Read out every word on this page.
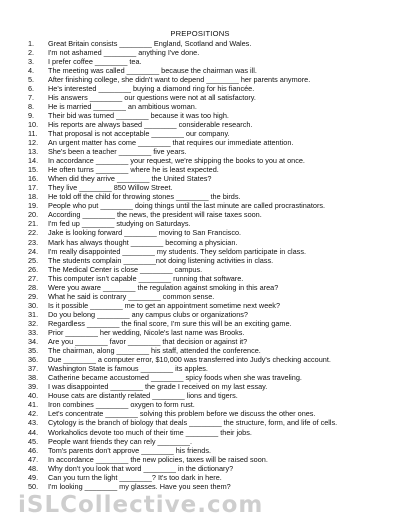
PREPOSITIONS
1. Great Britain consists ________ England, Scotland and Wales.
2. I'm not ashamed ________ anything I've done.
3. I prefer coffee ________ tea.
4. The meeting was called ________ because the chairman was ill.
5. After finishing college, she didn't want to depend ________ her parents anymore.
6. He's interested ________ buying a diamond ring for his fiancée.
7. His answers ________ our questions were not at all satisfactory.
8. He is married ________ an ambitious woman.
9. Their bid was turned ________ because it was too high.
10. His reports are always based ________ considerable research.
11. That proposal is not acceptable ________ our company.
12. An urgent matter has come ________ that requires our immediate attention.
13. She's been a teacher ________ five years.
14. In accordance ________ your request, we're shipping the books to you at once.
15. He often turns ________ where he is least expected.
16. When did they arrive ________ the United States?
17. They live ________ 850 Willow Street.
18. He told off the child for throwing stones ________ the birds.
19. People who put ________ doing things until the last minute are called procrastinators.
20. According ________ the news, the president will raise taxes soon.
21. I'm fed up ________ studying on Saturdays.
22. Jake is looking forward ________ moving to San Francisco.
23. Mark has always thought ________ becoming a physician.
24. I'm really disappointed ________ my students. They seldom participate in class.
25. The students complain ________not doing listening activities in class.
26. The Medical Center is close ________ campus.
27. This computer isn't capable ________ running that software.
28. Were you aware ________ the regulation against smoking in this area?
29. What he said is contrary ________ common sense.
30. Is it possible ________ me to get an appointment sometime next week?
31. Do you belong ________ any campus clubs or organizations?
32. Regardless ________ the final score, I'm sure this will be an exciting game.
33. Prior ________ her wedding, Nicole's last name was Brooks.
34. Are you ________ favor ________ that decision or against it?
35. The chairman, along ________ his staff, attended the conference.
36. Due ________ a computer error, $10,000 was transferred into Judy's checking account.
37. Washington State is famous ________ its apples.
38. Catherine became accustomed ________ spicy foods when she was traveling.
39. I was disappointed ________ the grade I received on my last essay.
40. House cats are distantly related ________ lions and tigers.
41. Iron combines ________ oxygen to form rust.
42. Let's concentrate ________ solving this problem before we discuss the other ones.
43. Cytology is the branch of biology that deals ________ the structure, form, and life of cells.
44. Workaholics devote too much of their time ________ their jobs.
45. People want friends they can rely ________.
46. Tom's parents don't approve ________ his friends.
47. In accordance ________ the new policies, taxes will be raised soon.
48. Why don't you look that word ________ in the dictionary?
49. Can you turn the light ________? It's too dark in here.
50. I'm looking ________ my glasses. Have you seen them?
iSLCollective.com
